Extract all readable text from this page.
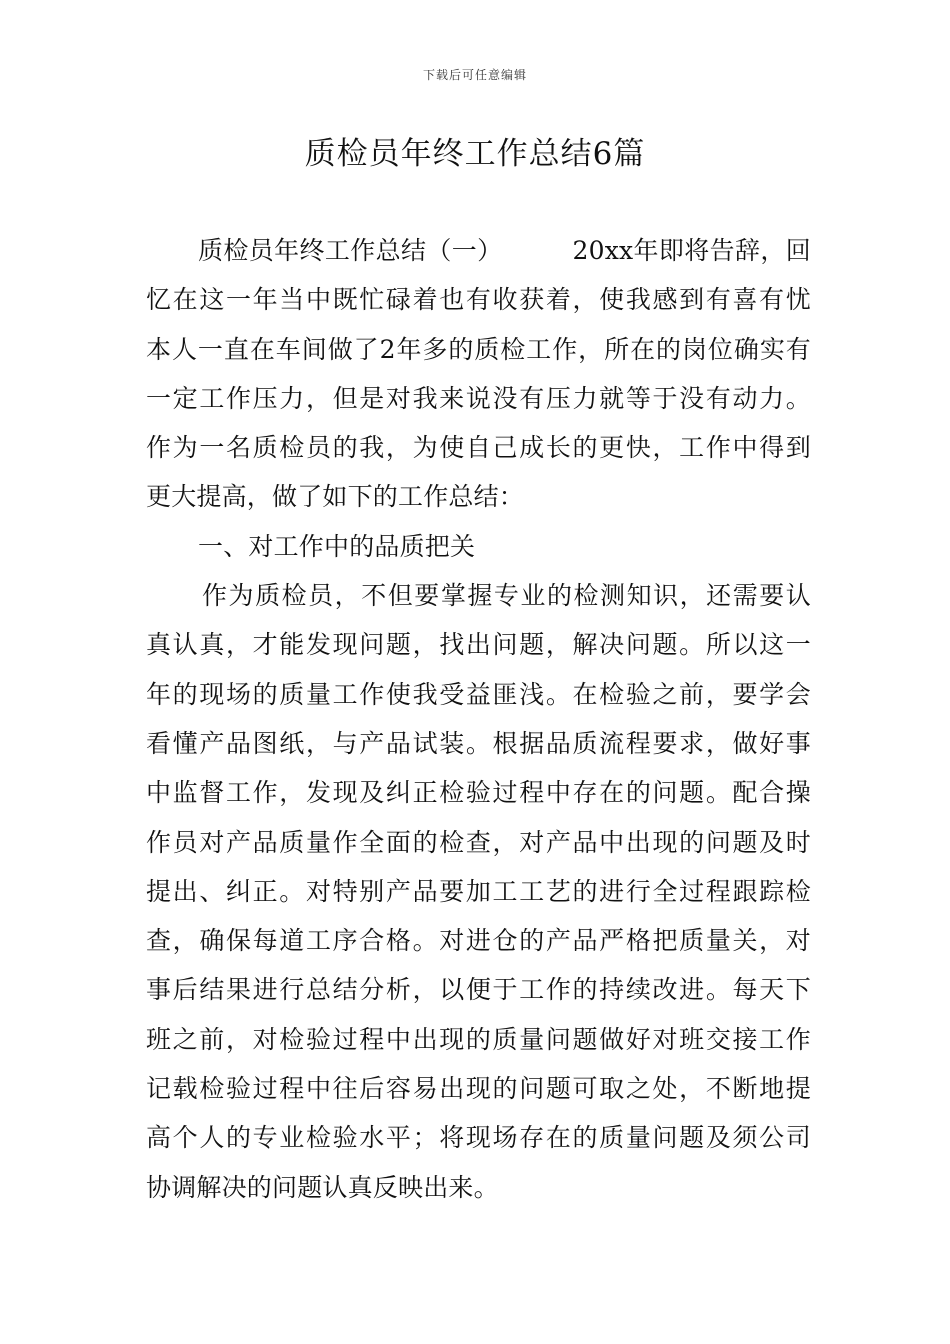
下载后可任意编辑
质检员年终工作总结6篇
质检员年终工作总结（一）	20xx年即将告辞，回
忆在这一年当中既忙碌着也有收获着，使我感到有喜有忧
本人一直在车间做了2年多的质检工作，所在的岗位确实有
一定工作压力，但是对我来说没有压力就等于没有动力。
作为一名质检员的我，为使自己成长的更快，工作中得到
更大提高，做了如下的工作总结：
一、对工作中的品质把关
作为质检员，不但要掌握专业的检测知识，还需要认
真认真，才能发现问题，找出问题，解决问题。所以这一
年的现场的质量工作使我受益匪浅。在检验之前，要学会
看懂产品图纸，与产品试装。根据品质流程要求，做好事
中监督工作，发现及纠正检验过程中存在的问题。配合操
作员对产品质量作全面的检查，对产品中出现的问题及时
提出、纠正。对特别产品要加工工艺的进行全过程跟踪检
查，确保每道工序合格。对进仓的产品严格把质量关，对
事后结果进行总结分析，以便于工作的持续改进。每天下
班之前，对检验过程中出现的质量问题做好对班交接工作
记载检验过程中往后容易出现的问题可取之处，不断地提
高个人的专业检验水平；将现场存在的质量问题及须公司
协调解决的问题认真反映出来。
